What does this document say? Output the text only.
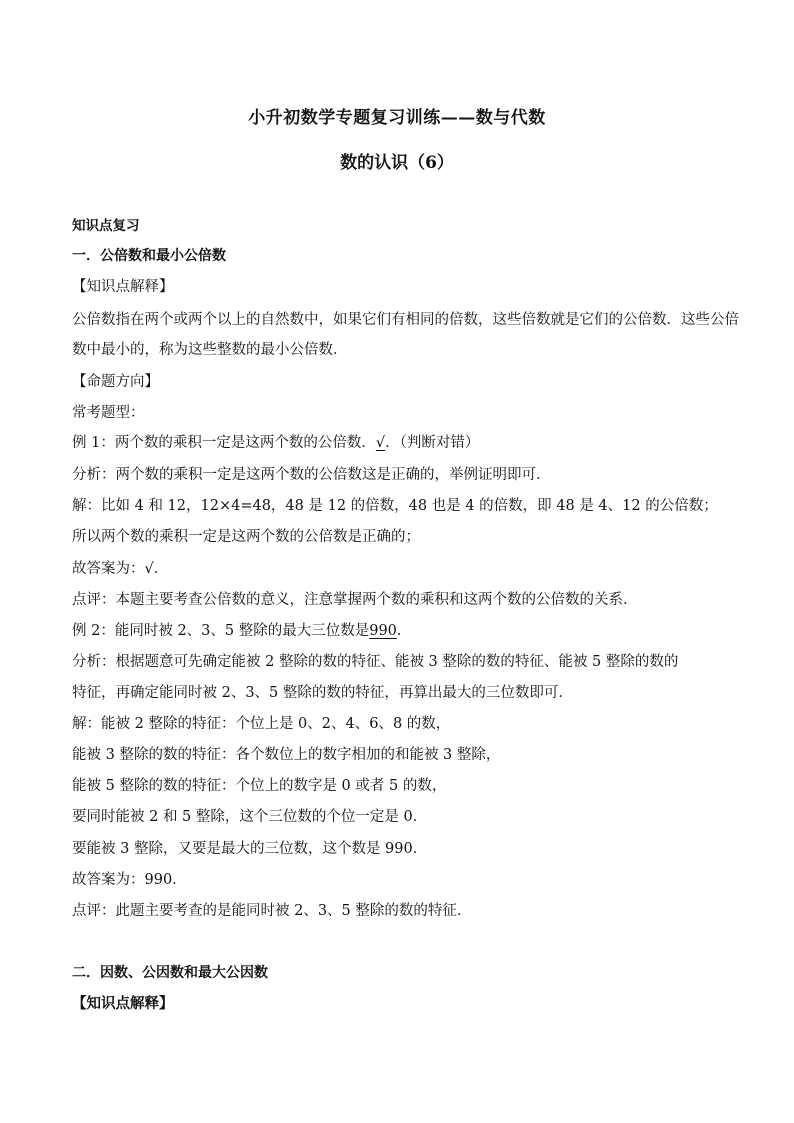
小升初数学专题复习训练——数与代数
数的认识（6）
知识点复习
一．公倍数和最小公倍数
【知识点解释】
公倍数指在两个或两个以上的自然数中，如果它们有相同的倍数，这些倍数就是它们的公倍数．这些公倍
数中最小的，称为这些整数的最小公倍数．
【命题方向】
常考题型：
例 1：两个数的乘积一定是这两个数的公倍数．√．（判断对错）
分析：两个数的乘积一定是这两个数的公倍数这是正确的，举例证明即可．
解：比如 4 和 12，12×4=48，48 是 12 的倍数，48 也是 4 的倍数，即 48 是 4、12 的公倍数；
所以两个数的乘积一定是这两个数的公倍数是正确的；
故答案为：√．
点评：本题主要考查公倍数的意义，注意掌握两个数的乘积和这两个数的公倍数的关系．
例 2：能同时被 2、3、5 整除的最大三位数是990．
分析：根据题意可先确定能被 2 整除的数的特征、能被 3 整除的数的特征、能被 5 整除的数的
特征，再确定能同时被 2、3、5 整除的数的特征，再算出最大的三位数即可．
解：能被 2 整除的特征：个位上是 0、2、4、6、8 的数，
能被 3 整除的数的特征：各个数位上的数字相加的和能被 3 整除，
能被 5 整除的数的特征：个位上的数字是 0 或者 5 的数，
要同时能被 2 和 5 整除，这个三位数的个位一定是 0．
要能被 3 整除，又要是最大的三位数，这个数是 990．
故答案为：990．
点评：此题主要考查的是能同时被 2、3、5 整除的数的特征．
二．因数、公因数和最大公因数
【知识点解释】
